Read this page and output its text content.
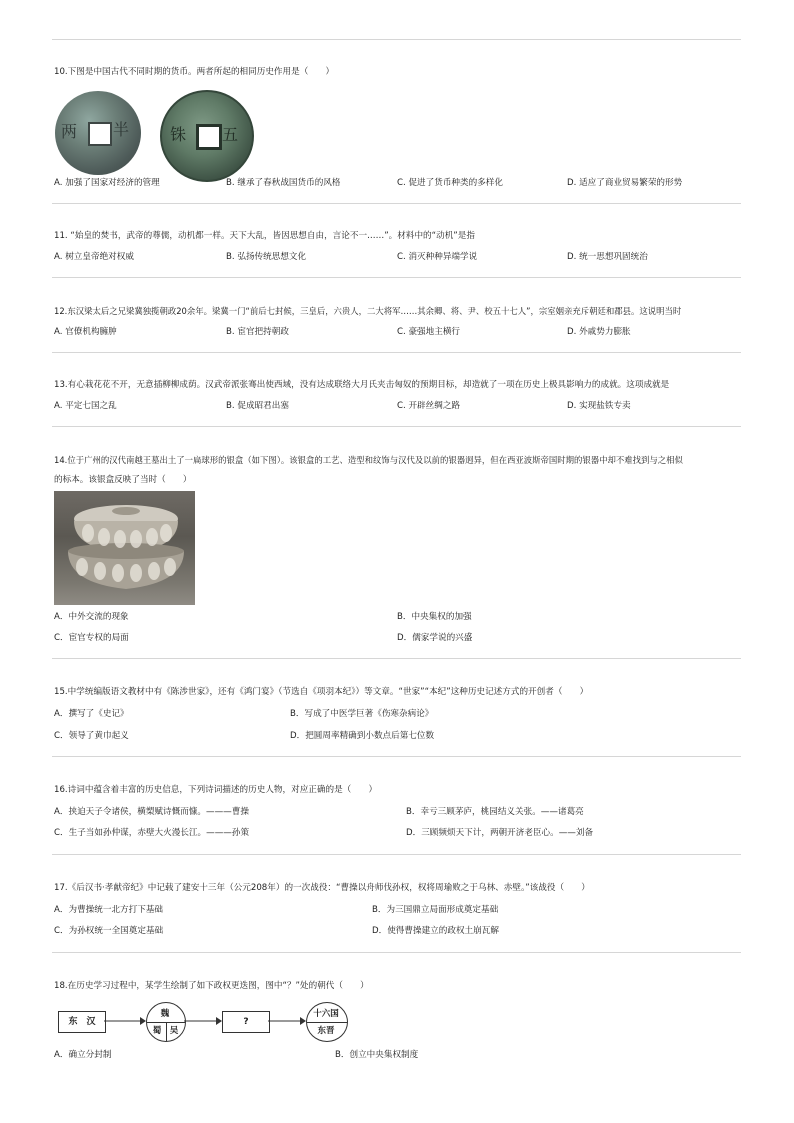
10.下图是中国古代不同时期的货币。两者所起的相同历史作用是（　　）
两 半	铢 五
A. 加强了国家对经济的管理	B. 继承了春秋战国货币的风格	C. 促进了货币种类的多样化	D. 适应了商业贸易繁荣的形势
11. “始皇的焚书，武帝的尊儒，动机都一样。天下大乱，皆因思想自由，言论不一……”。材料中的“动机”是指
A. 树立皇帝绝对权威	B. 弘扬传统思想文化	C. 消灭种种异端学说	D. 统一思想巩固统治
12.东汉梁太后之兄梁冀独揽朝政20余年。梁冀一门“前后七封候，三皇后，六贵人，二大将军……其余卿、将、尹、校五十七人”，宗室姻亲充斥朝廷和郡县。这说明当时
A. 官僚机构臃肿	B. 宦官把持朝政	C. 豪强地主横行	D. 外戚势力膨胀
13.有心栽花花不开，无意插柳柳成荫。汉武帝派张骞出使西域，没有达成联络大月氏夹击匈奴的预期目标，却造就了一项在历史上极具影响力的成就。这项成就是
A. 平定七国之乱	B. 促成昭君出塞	C. 开辟丝绸之路	D. 实现盐铁专卖
14.位于广州的汉代南越王墓出土了一扁球形的银盒（如下图）。该银盒的工艺、造型和纹饰与汉代及以前的银器迥异，但在西亚波斯帝国时期的银器中却不难找到与之相似
的标本。该银盒反映了当时（　　）
A．中外交流的现象	B．中央集权的加强
C．宦官专权的局面	D．儒家学说的兴盛
15.中学统编版语文教材中有《陈涉世家》，还有《鸿门宴》（节选自《项羽本纪》）等文章。“世家”“本纪”这种历史记述方式的开创者（　　）
A．撰写了《史记》	B．写成了中医学巨著《伤寒杂病论》
C．领导了黄巾起义	D．把圆周率精确到小数点后第七位数
16.诗词中蕴含着丰富的历史信息，下列诗词描述的历史人物，对应正确的是（　　）
A．挟迫天子令诸侯，横槊赋诗慨而慷。———曹操	B．幸亏三顾茅庐，桃园结义关张。——诸葛亮
C．生子当如孙仲谋，赤壁大火漫长江。———孙策	D．三顾频烦天下计，两朝开济老臣心。——刘备
17.《后汉书·孝献帝纪》中记载了建安十三年（公元208年）的一次战役：“曹操以舟师伐孙权，权将周瑜败之于乌林、赤壁。”该战役（　　）
A．为曹操统一北方打下基础	B．为三国鼎立局面形成奠定基础
C．为孙权统一全国奠定基础	D．使得曹操建立的政权土崩瓦解
18.在历史学习过程中，某学生绘制了如下政权更迭图，图中“？”处的朝代（　　）
东　汉
魏
蜀 吴
?
十六国
东晋
A．确立分封制	B．创立中央集权制度
